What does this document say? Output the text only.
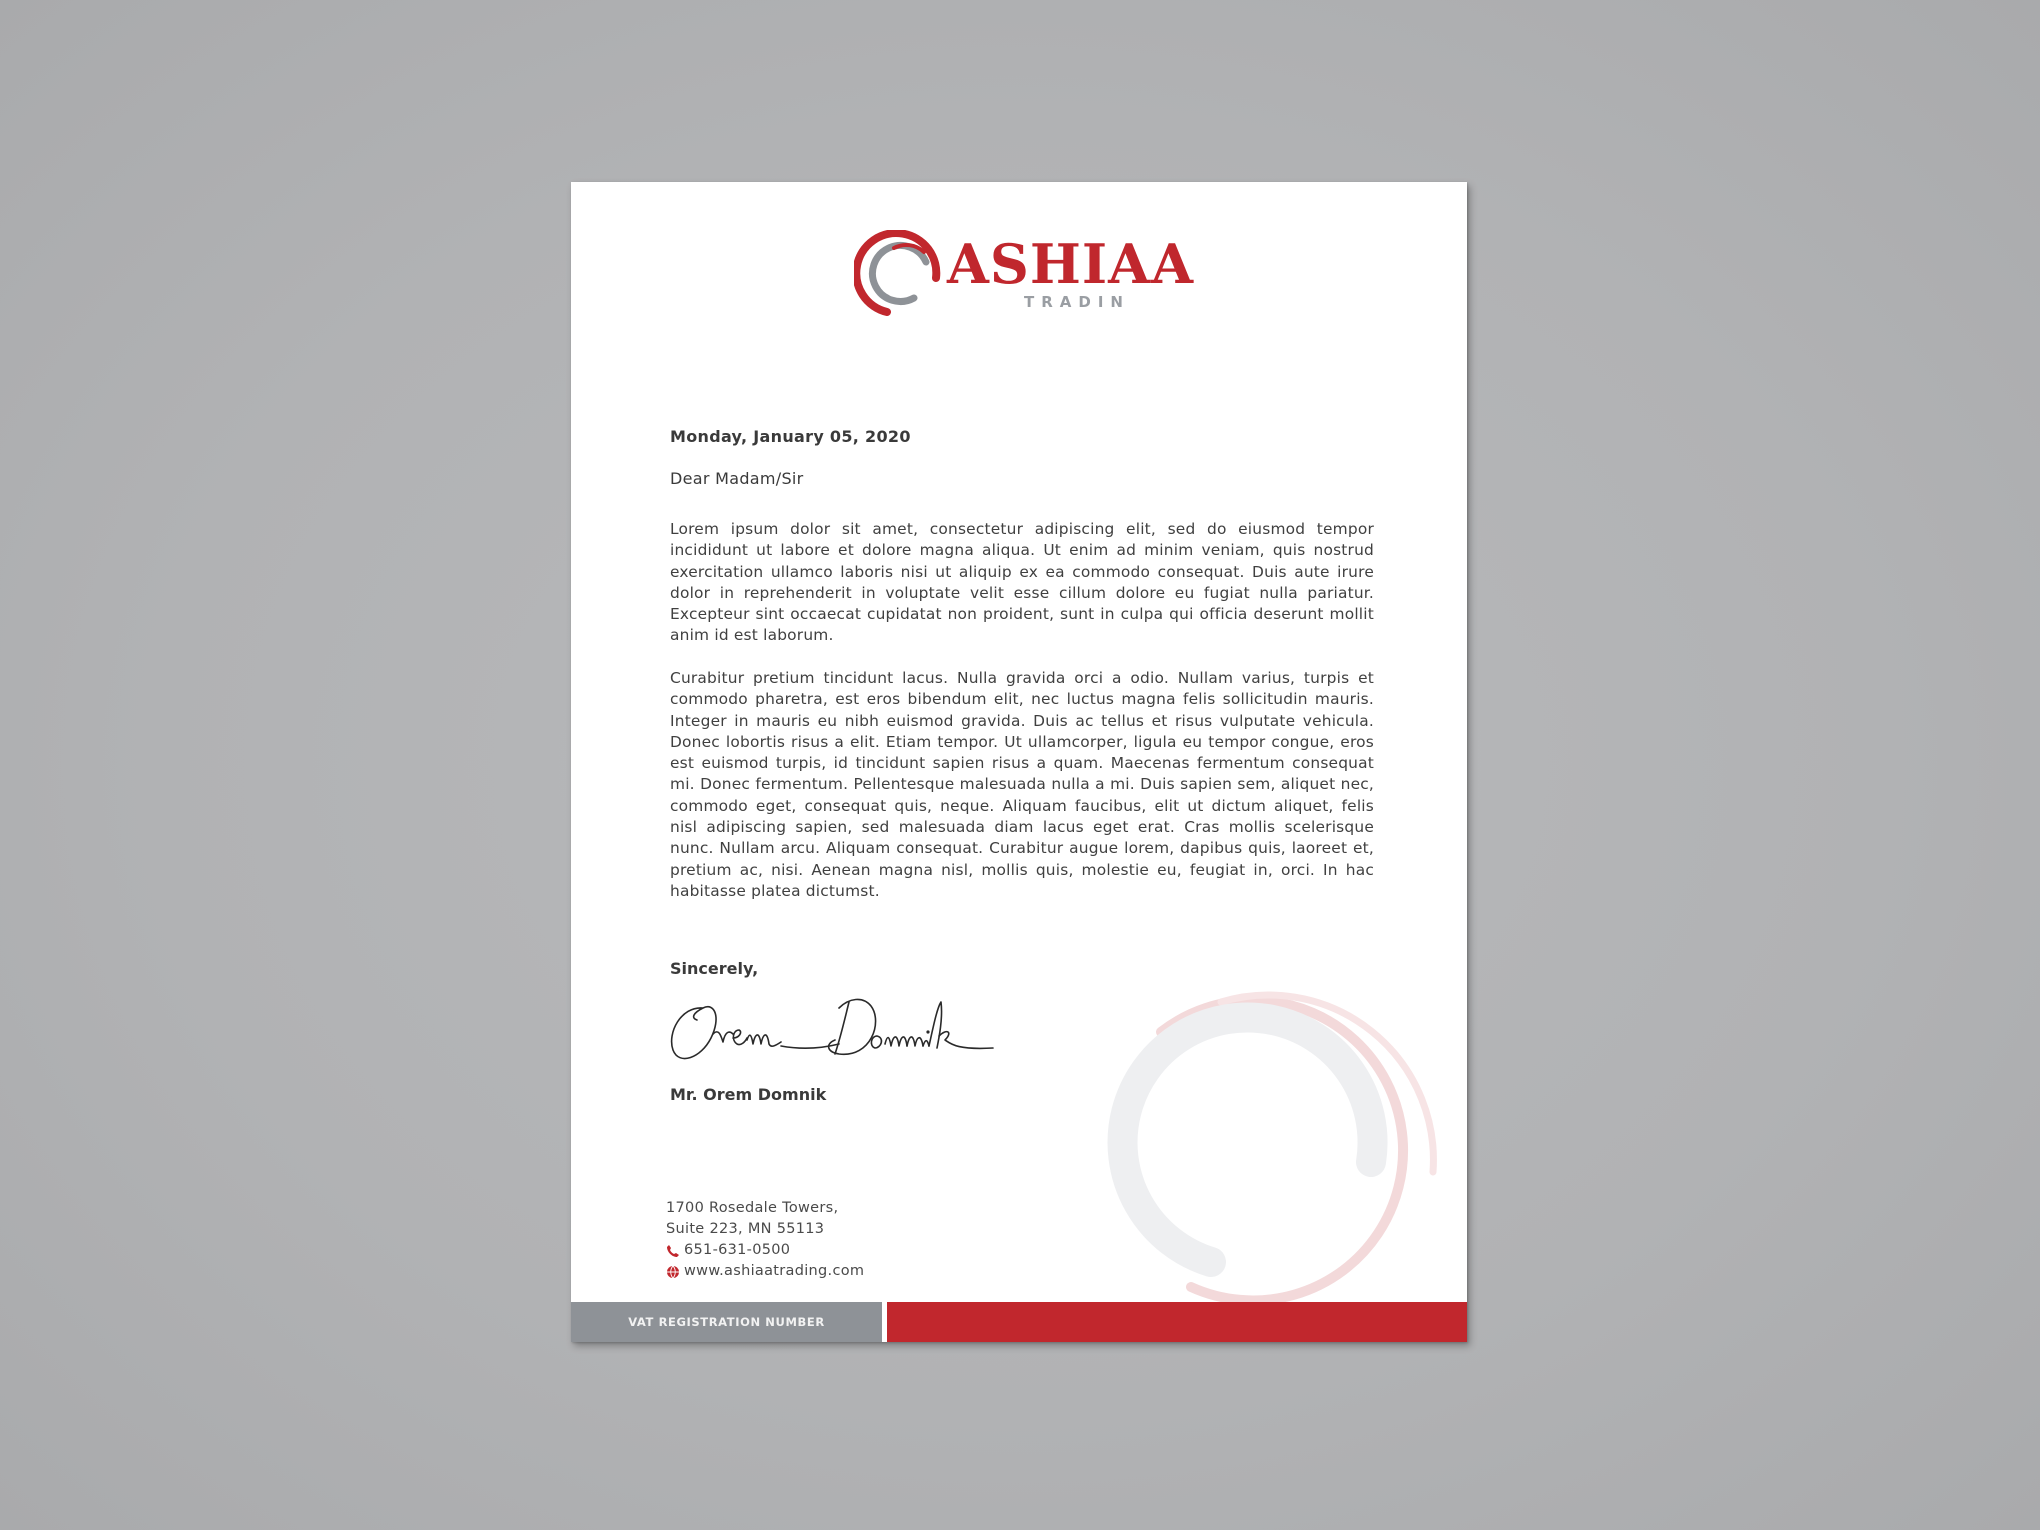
ASHIAA
TRADIN
Monday, January 05, 2020
Dear Madam/Sir
Lorem ipsum dolor sit amet, consectetur adipiscing elit, sed do eiusmod tempor incididunt ut labore et dolore magna aliqua. Ut enim ad minim veniam, quis nostrud exercitation ullamco laboris nisi ut aliquip ex ea commodo consequat. Duis aute irure dolor in reprehenderit in voluptate velit esse cillum dolore eu fugiat nulla pariatur. Excepteur sint occaecat cupidatat non proident, sunt in culpa qui officia deserunt mollit anim id est laborum.
Curabitur pretium tincidunt lacus. Nulla gravida orci a odio. Nullam varius, turpis et commodo pharetra, est eros bibendum elit, nec luctus magna felis sollicitudin mauris. Integer in mauris eu nibh euismod gravida. Duis ac tellus et risus vulputate vehicula. Donec lobortis risus a elit. Etiam tempor. Ut ullamcorper, ligula eu tempor congue, eros est euismod turpis, id tincidunt sapien risus a quam. Maecenas fermentum consequat mi. Donec fermentum. Pellentesque malesuada nulla a mi. Duis sapien sem, aliquet nec, commodo eget, consequat quis, neque. Aliquam faucibus, elit ut dictum aliquet, felis nisl adipiscing sapien, sed malesuada diam lacus eget erat. Cras mollis scelerisque nunc. Nullam arcu. Aliquam consequat. Curabitur augue lorem, dapibus quis, laoreet et, pretium ac, nisi. Aenean magna nisl, mollis quis, molestie eu, feugiat in, orci. In hac habitasse platea dictumst.
Sincerely,
Mr. Orem Domnik
1700 Rosedale Towers,
Suite 223, MN 55113
651-631-0500
www.ashiaatrading.com
VAT REGISTRATION NUMBER
